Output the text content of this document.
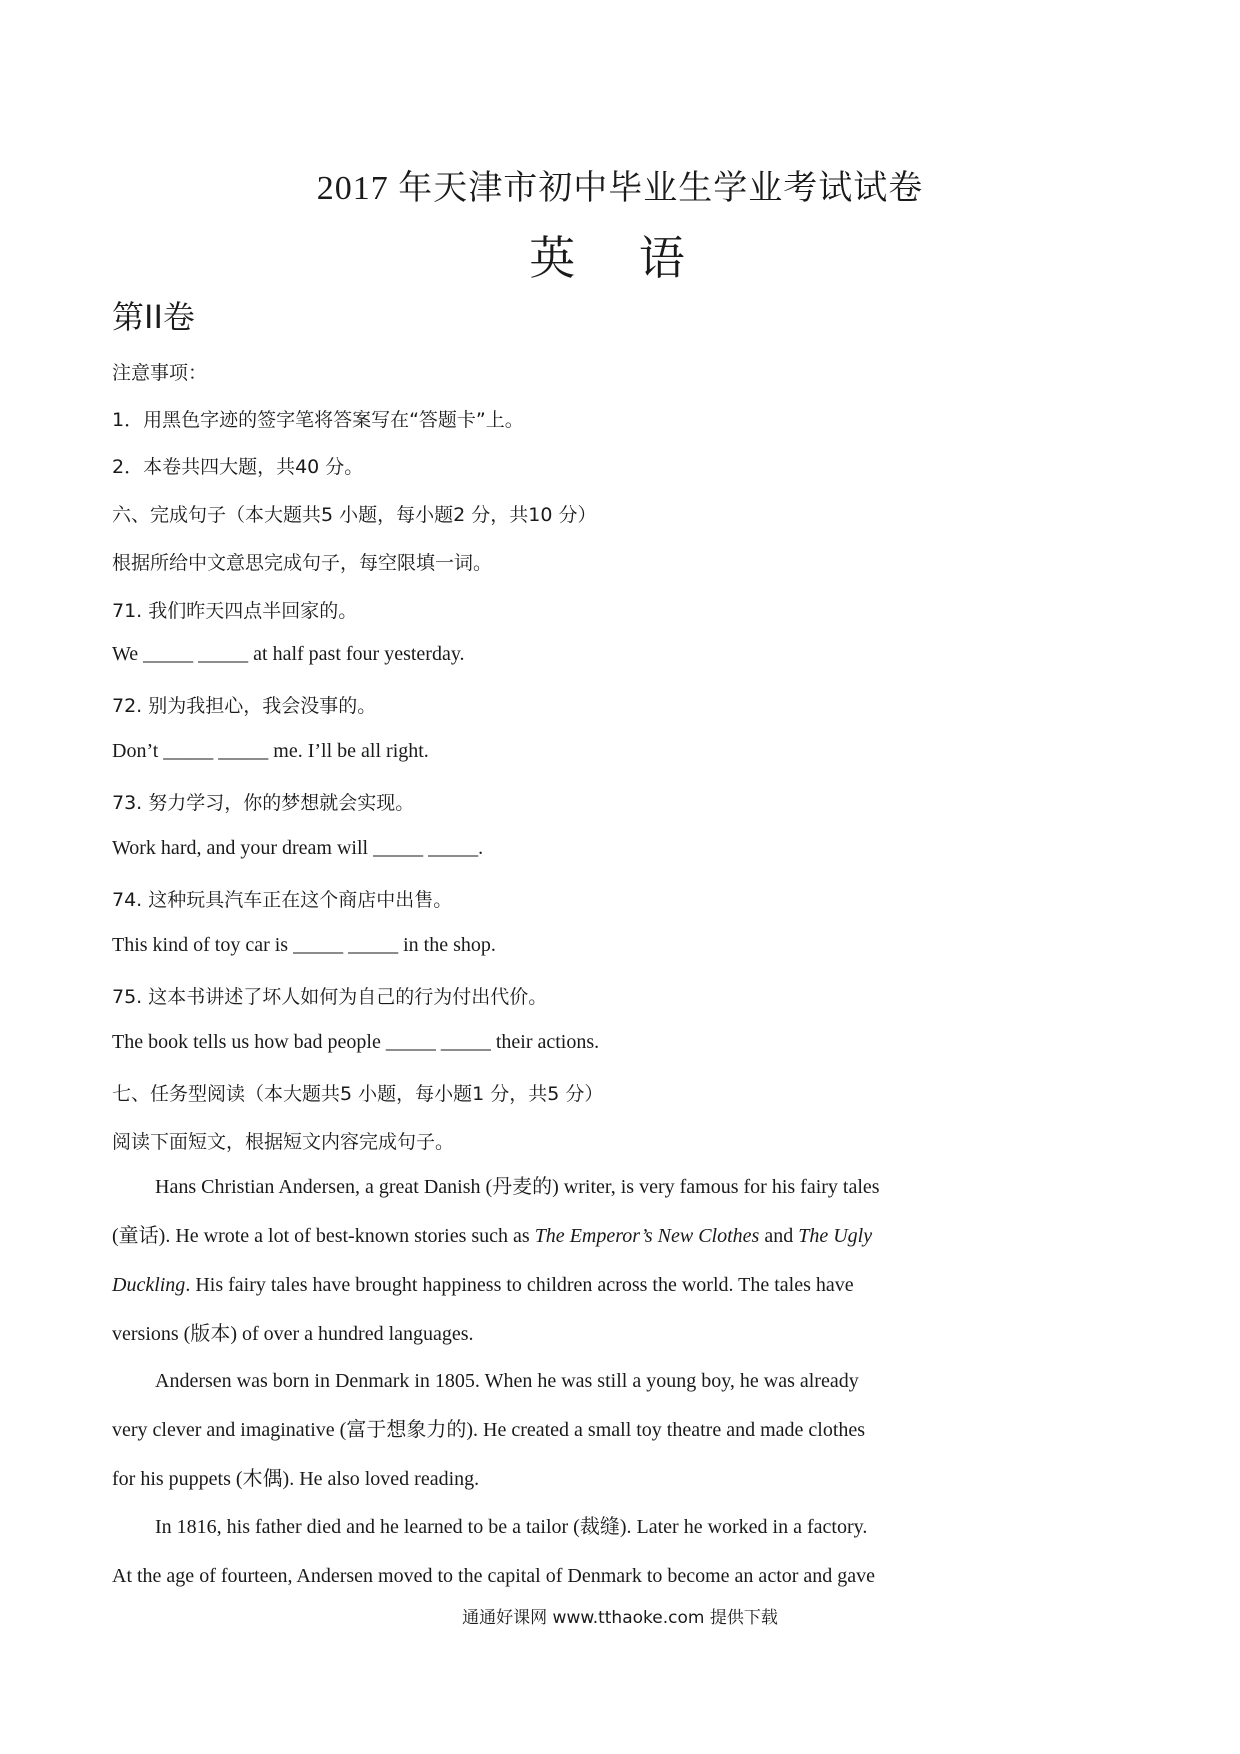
2017 年天津市初中毕业生学业考试试卷
英 语
第II卷
注意事项：
1．用黑色字迹的签字笔将答案写在“答题卡”上。
2．本卷共四大题，共40 分。
六、完成句子（本大题共5 小题，每小题2 分，共10 分）
根据所给中文意思完成句子，每空限填一词。
71. 我们昨天四点半回家的。
We _____ _____ at half past four yesterday.
72. 别为我担心，我会没事的。
Don’t _____ _____ me. I’ll be all right.
73. 努力学习，你的梦想就会实现。
Work hard, and your dream will _____ _____.
74. 这种玩具汽车正在这个商店中出售。
This kind of toy car is _____ _____ in the shop.
75. 这本书讲述了坏人如何为自己的行为付出代价。
The book tells us how bad people _____ _____ their actions.
七、任务型阅读（本大题共5 小题，每小题1 分，共5 分）
阅读下面短文，根据短文内容完成句子。
Hans Christian Andersen, a great Danish (丹麦的) writer, is very famous for his fairy tales
(童话). He wrote a lot of best-known stories such as The Emperor’s New Clothes and The Ugly
Duckling. His fairy tales have brought happiness to children across the world. The tales have
versions (版本) of over a hundred languages.
Andersen was born in Denmark in 1805. When he was still a young boy, he was already
very clever and imaginative (富于想象力的). He created a small toy theatre and made clothes
for his puppets (木偶). He also loved reading.
In 1816, his father died and he learned to be a tailor (裁缝). Later he worked in a factory.
At the age of fourteen, Andersen moved to the capital of Denmark to become an actor and gave
通通好课网 www.tthaoke.com 提供下载
